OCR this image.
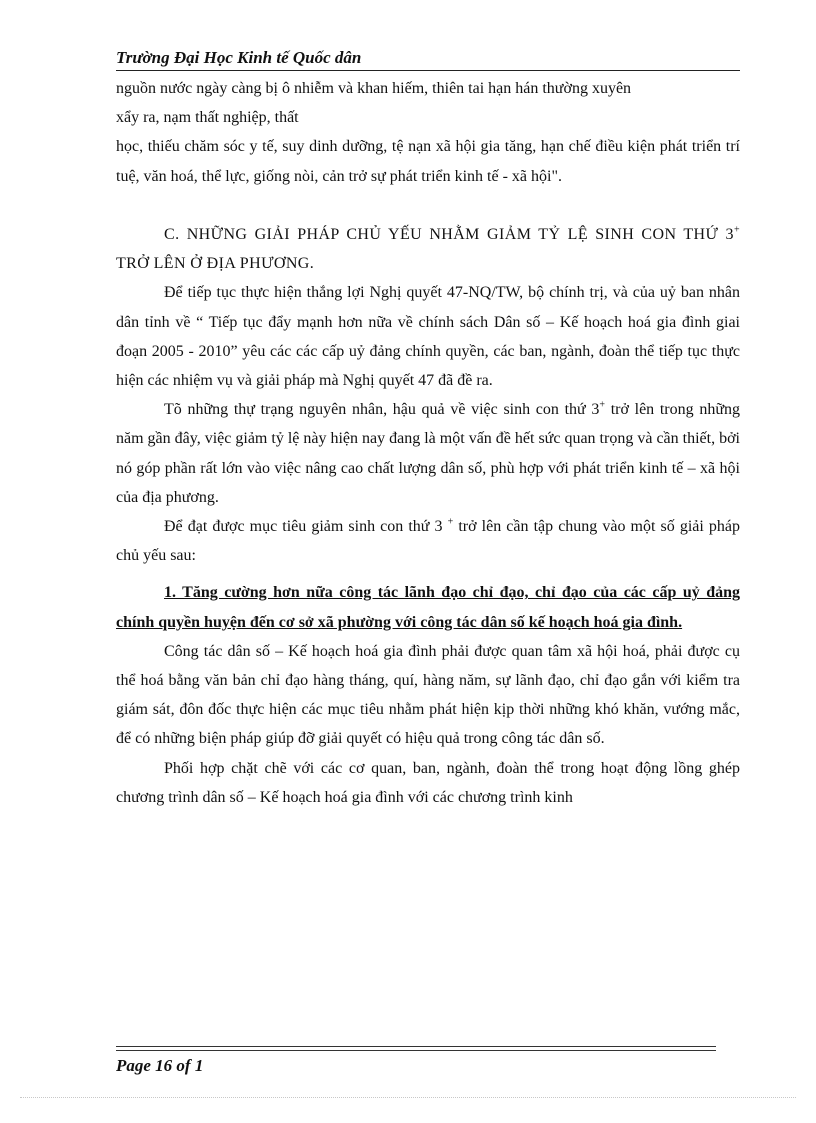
Trường Đại Học Kinh tế Quốc dân

nguồn nước ngày càng bị ô nhiễm và khan hiếm, thiên tai hạn hán thường xuyên

xẩy ra, nạm thất nghiệp, thất

học, thiếu chăm sóc y tế, suy dinh dưỡng, tệ nạn xã hội gia tăng, hạn chế điều kiện phát triển trí tuệ, văn hoá, thể lực, giống nòi, cản trở sự phát triển kinh tế - xã hội".

C. NHỮNG GIẢI PHÁP CHỦ YẾU NHẰM GIẢM TỶ LỆ SINH CON THỨ 3+ TRỞ LÊN Ở ĐỊA PHƯƠNG.

Để tiếp tục thực hiện thắng lợi Nghị quyết 47-NQ/TW, bộ chính trị, và của uỷ ban nhân dân tỉnh về “ Tiếp tục đẩy mạnh hơn nữa về chính sách Dân số – Kế hoạch hoá gia đình giai đoạn 2005 - 2010” yêu các các cấp uỷ đảng chính quyền, các ban, ngành, đoàn thể tiếp tục thực hiện các nhiệm vụ và giải pháp mà Nghị quyết 47 đã đề ra.

Tõ những thự trạng nguyên nhân, hậu quả về việc sinh con thứ 3+ trở lên trong những năm gần đây, việc giảm tỷ lệ này hiện nay đang là một vấn đề hết sức quan trọng và cần thiết, bởi nó góp phần rất lớn vào việc nâng cao chất lượng dân số, phù hợp với phát triển kinh tế – xã hội của địa phương.

Để đạt được mục tiêu giảm sinh con thứ 3 + trở lên cần tập chung vào một số giải pháp chủ yếu sau:

1. Tăng cường hơn nữa công tác lãnh đạo chỉ đạo, chỉ đạo của các cấp uỷ đảng chính quyền huyện đến cơ sở xã phường với công tác dân số kế hoạch hoá gia đình.

Công tác dân số – Kế hoạch hoá gia đình phải được quan tâm xã hội hoá, phải được cụ thể hoá bằng văn bản chỉ đạo hàng tháng, quí, hàng năm, sự lãnh đạo, chỉ đạo gắn với kiểm tra giám sát, đôn đốc thực hiện các mục tiêu nhằm phát hiện kịp thời những khó khăn, vướng mắc, để có những biện pháp giúp đỡ giải quyết có hiệu quả trong công tác dân số.

Phối hợp chặt chẽ với các cơ quan, ban, ngành, đoàn thể trong hoạt động lồng ghép chương trình dân số – Kế hoạch hoá gia đình với các chương trình kinh

Page 16 of 1
